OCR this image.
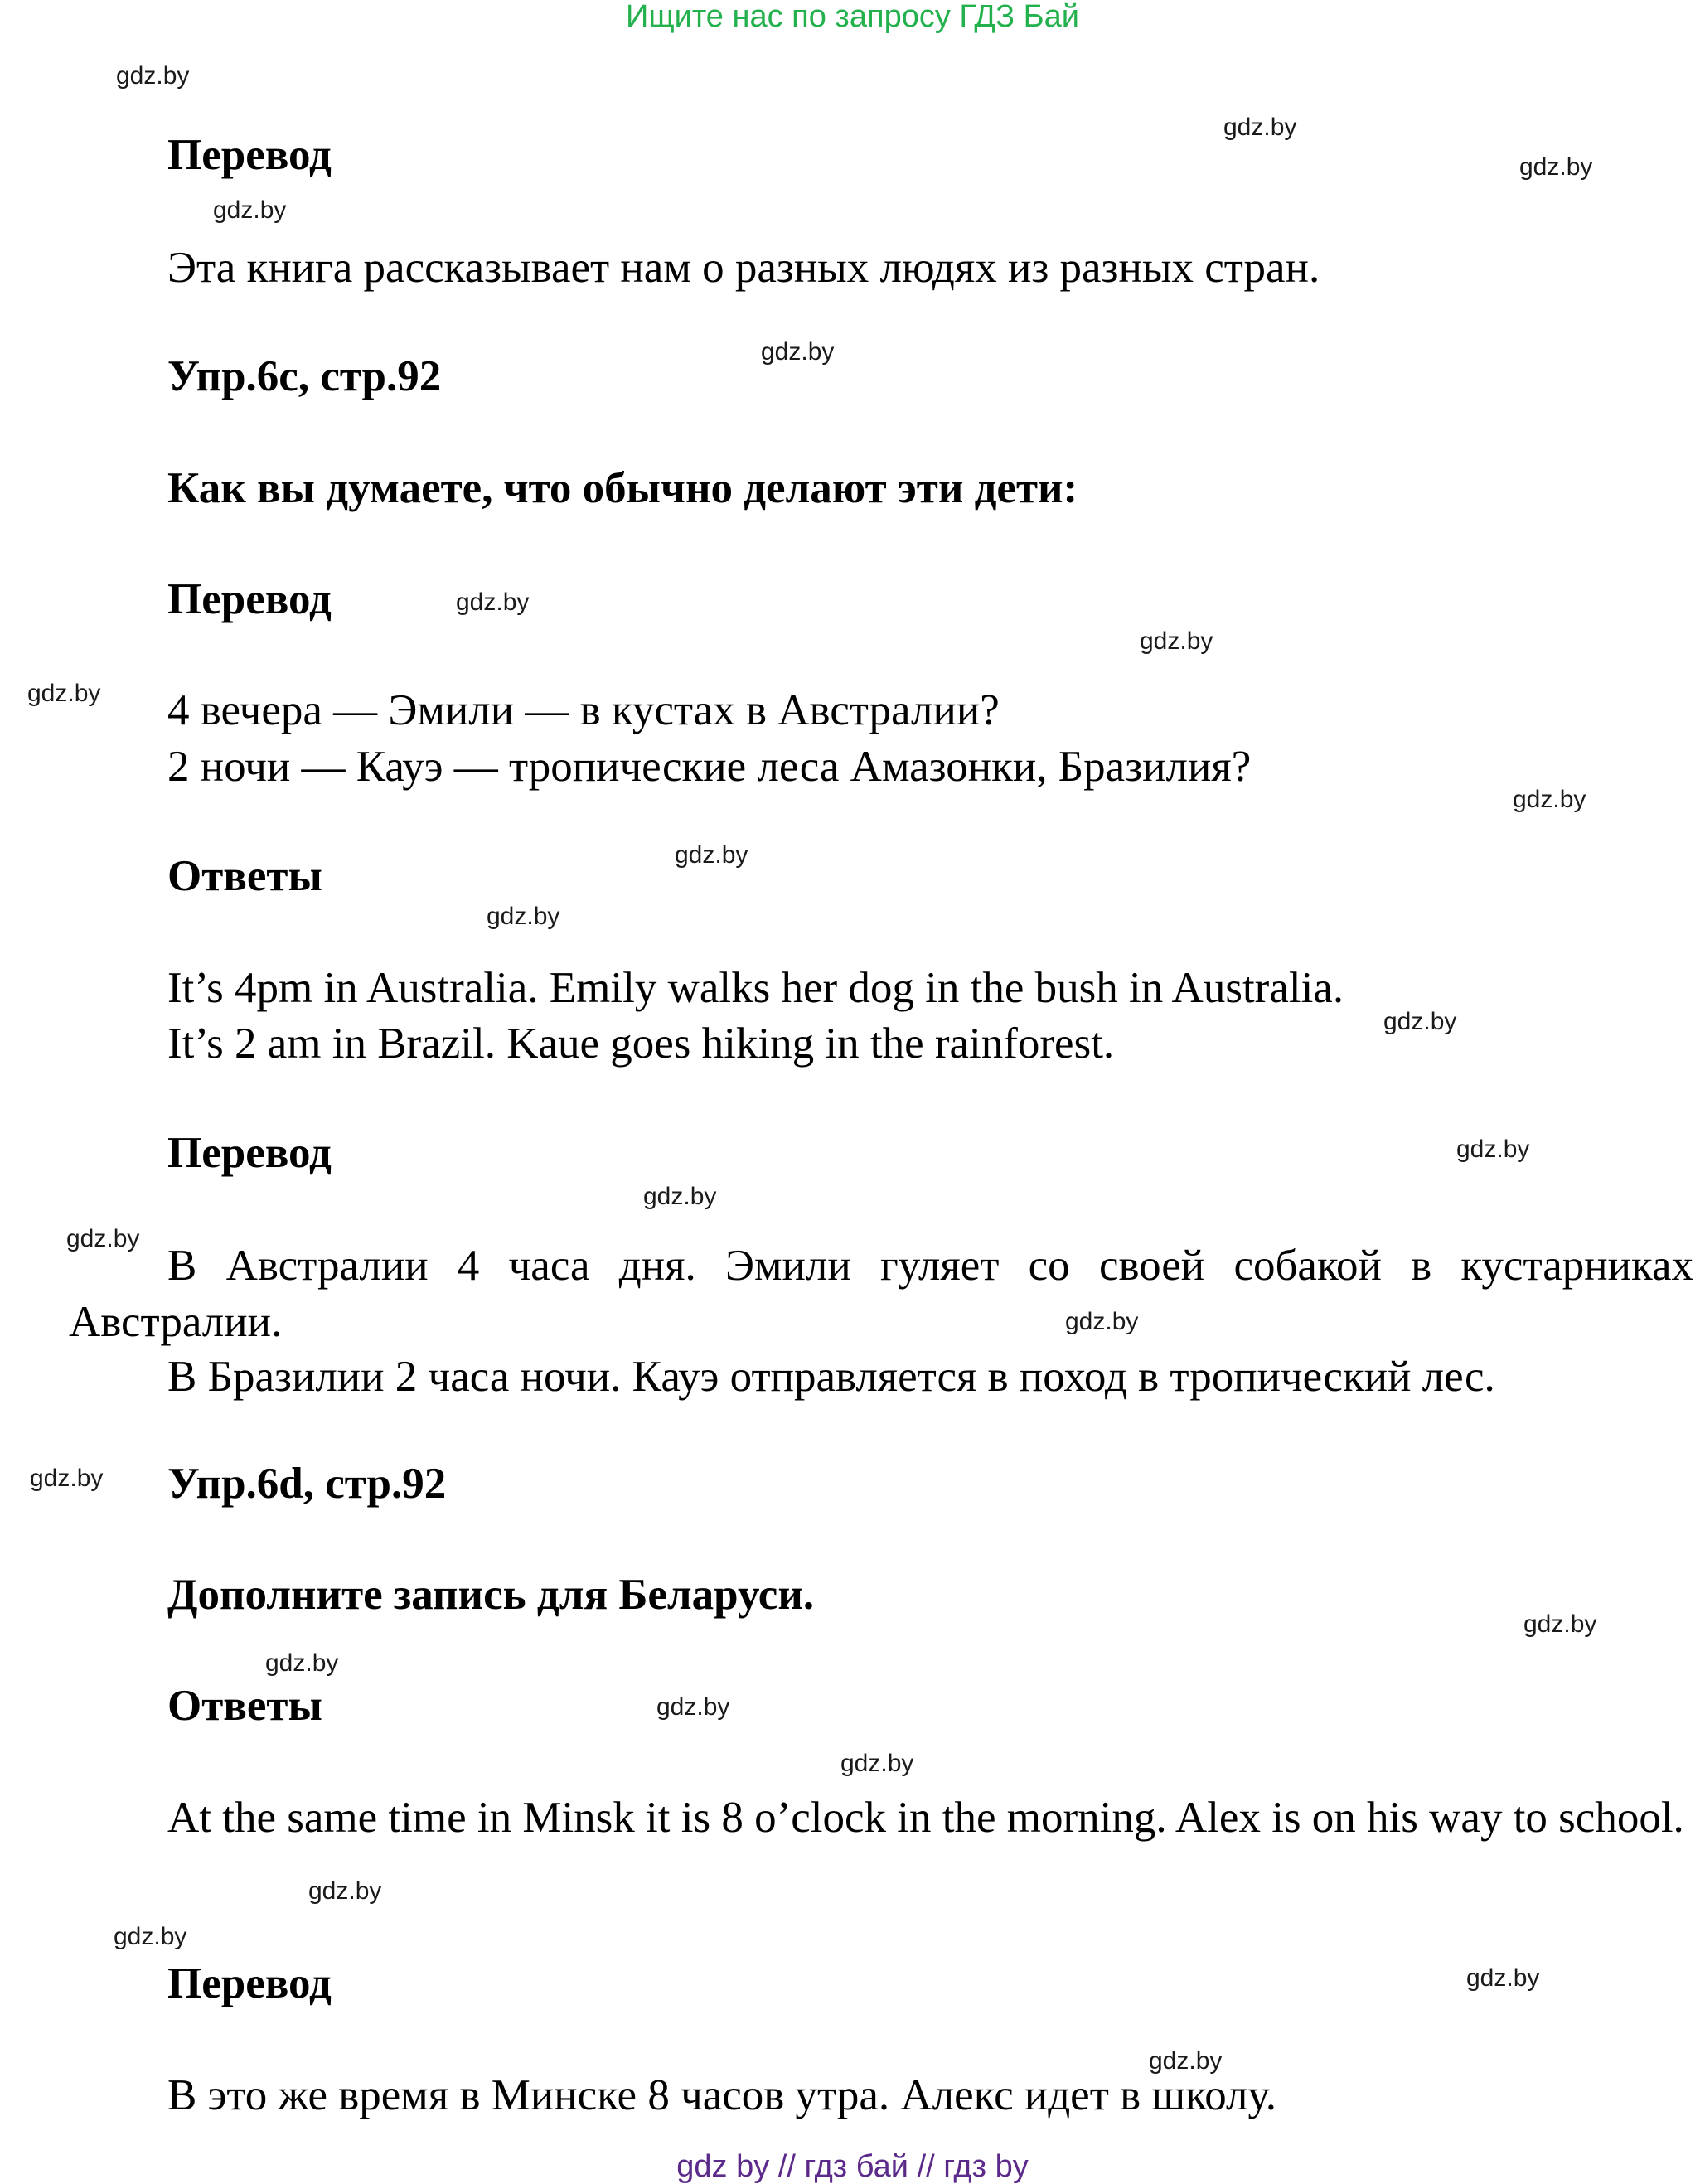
Ищите нас по запросу ГДЗ Бай
gdz.by
gdz.by
gdz.by
gdz.by
gdz.by
gdz.by
gdz.by
gdz.by
gdz.by
gdz.by
gdz.by
gdz.by
gdz.by
gdz.by
gdz.by
gdz.by
gdz.by
gdz.by
gdz.by
gdz.by
gdz.by
gdz.by
gdz.by
gdz.by
gdz.by
Перевод
Эта книга рассказывает нам о разных людях из разных стран.
Упр.6c, стр.92
Как вы думаете, что обычно делают эти дети:
Перевод
4 вечера — Эмили — в кустах в Австралии?
2 ночи — Кауэ — тропические леса Амазонки, Бразилия?
Ответы
It’s 4pm in Australia. Emily walks her dog in the bush in Australia.
It’s 2 am in Brazil. Kaue goes hiking in the rainforest.
Перевод
В Австралии 4 часа дня. Эмили гуляет со своей собакой в кустарниках Австралии.
В Бразилии 2 часа ночи. Кауэ отправляется в поход в тропический лес.
Упр.6d, стр.92
Дополните запись для Беларуси.
Ответы
At the same time in Minsk it is 8 o’clock in the morning. Alex is on his way to school.
Перевод
В это же время в Минске 8 часов утра. Алекс идет в школу.
gdz by // гдз бай // гдз by
